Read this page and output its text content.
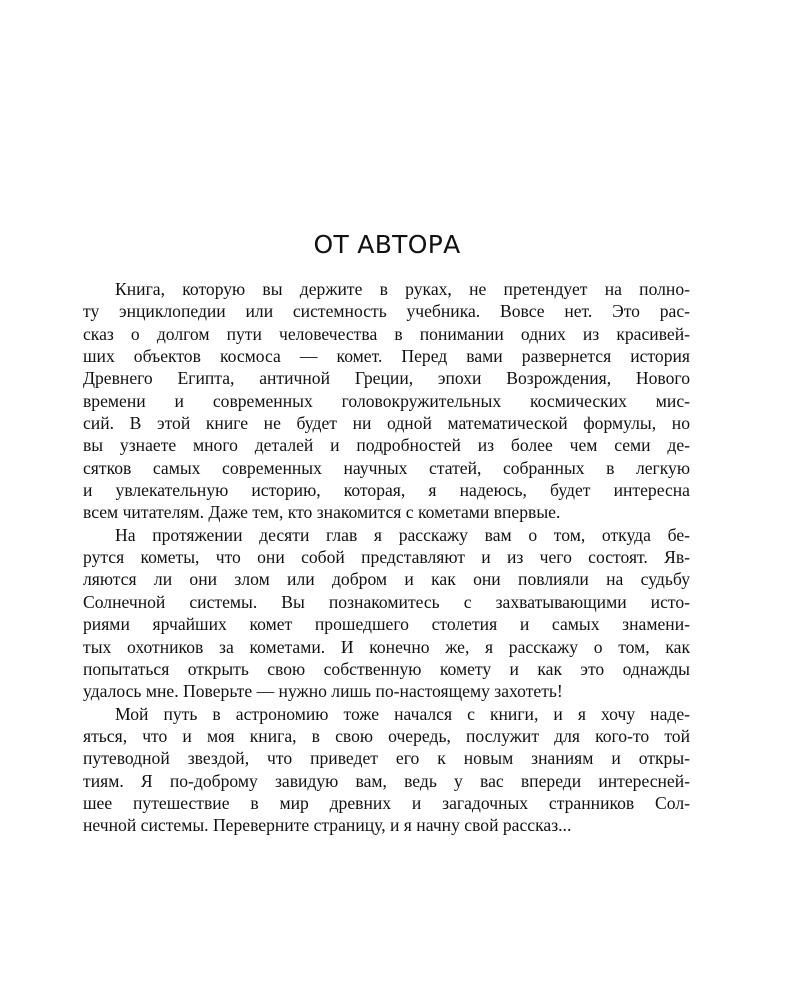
ОТ АВТОРА
Книга, которую вы держите в руках, не претендует на полно-
ту энциклопедии или системность учебника. Вовсе нет. Это рас-
сказ о долгом пути человечества в понимании одних из красивей-
ших объектов космоса — комет. Перед вами развернется история
Древнего Египта, античной Греции, эпохи Возрождения, Нового
времени и современных головокружительных космических мис-
сий. В этой книге не будет ни одной математической формулы, но
вы узнаете много деталей и подробностей из более чем семи де-
сятков самых современных научных статей, собранных в легкую
и увлекательную историю, которая, я надеюсь, будет интересна
всем читателям. Даже тем, кто знакомится с кометами впервые.
На протяжении десяти глав я расскажу вам о том, откуда бе-
рутся кометы, что они собой представляют и из чего состоят. Яв-
ляются ли они злом или добром и как они повлияли на судьбу
Солнечной системы. Вы познакомитесь с захватывающими исто-
риями ярчайших комет прошедшего столетия и самых знамени-
тых охотников за кометами. И конечно же, я расскажу о том, как
попытаться открыть свою собственную комету и как это однажды
удалось мне. Поверьте — нужно лишь по-настоящему захотеть!
Мой путь в астрономию тоже начался с книги, и я хочу наде-
яться, что и моя книга, в свою очередь, послужит для кого-то той
путеводной звездой, что приведет его к новым знаниям и откры-
тиям. Я по-доброму завидую вам, ведь у вас впереди интересней-
шее путешествие в мир древних и загадочных странников Сол-
нечной системы. Переверните страницу, и я начну свой рассказ...
